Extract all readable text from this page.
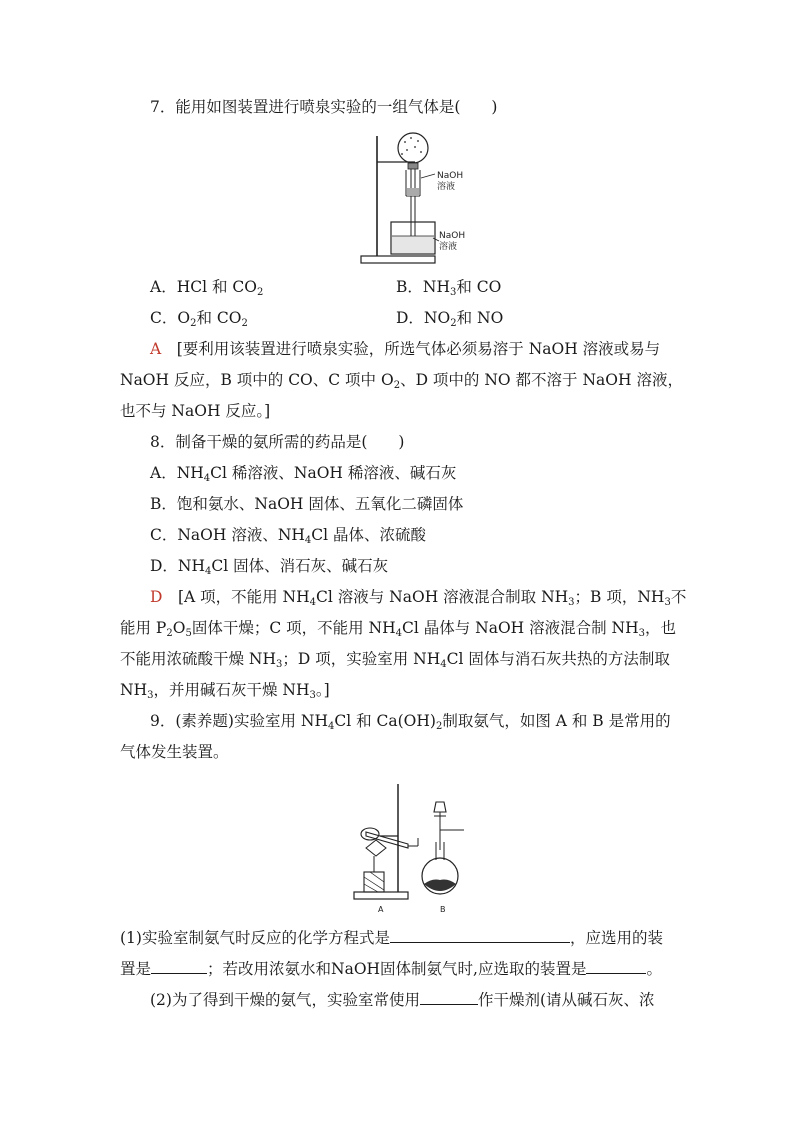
7．能用如图装置进行喷泉实验的一组气体是(　　)
NaOH
溶液
NaOH
溶液
A．HCl 和 $CO_2$	B．$NH_3$和 CO
C．$O_2$和 $CO_2$	D．$NO_2$和 NO
A　 [要利用该装置进行喷泉实验，所选气体必须易溶于 NaOH 溶液或易与
NaOH 反应，B 项中的 CO、C 项中 $O_2$、D 项中的 NO 都不溶于 NaOH 溶液，
也不与 NaOH 反应。]
8．制备干燥的氨所需的药品是(　　)
A．$NH_4Cl$ 稀溶液、NaOH 稀溶液、碱石灰
B．饱和氨水、NaOH 固体、五氧化二磷固体
C．NaOH 溶液、$NH_4Cl$ 晶体、浓硫酸
D．$NH_4Cl$ 固体、消石灰、碱石灰
D　 [A 项，不能用 $NH_4Cl$ 溶液与 NaOH 溶液混合制取 $NH_3$；B 项，$NH_3$不
能用 $P_2O_5$固体干燥；C 项，不能用 $NH_4Cl$ 晶体与 NaOH 溶液混合制 $NH_3$，也
不能用浓硫酸干燥 $NH_3$；D 项，实验室用 $NH_4Cl$ 固体与消石灰共热的方法制取
$NH_3$，并用碱石灰干燥 $NH_3$。]
9．(素养题)实验室用 $NH_4Cl$ 和 $Ca(OH)_2$制取氨气，如图 A 和 B 是常用的
气体发生装置。
A	B
(1)实验室制氨气时反应的化学方程式是	，应选用的装
置是	；若改用浓氨水和NaOH固体制氨气时,应选取的装置是	。
(2)为了得到干燥的氨气，实验室常使用	作干燥剂(请从碱石灰、浓
